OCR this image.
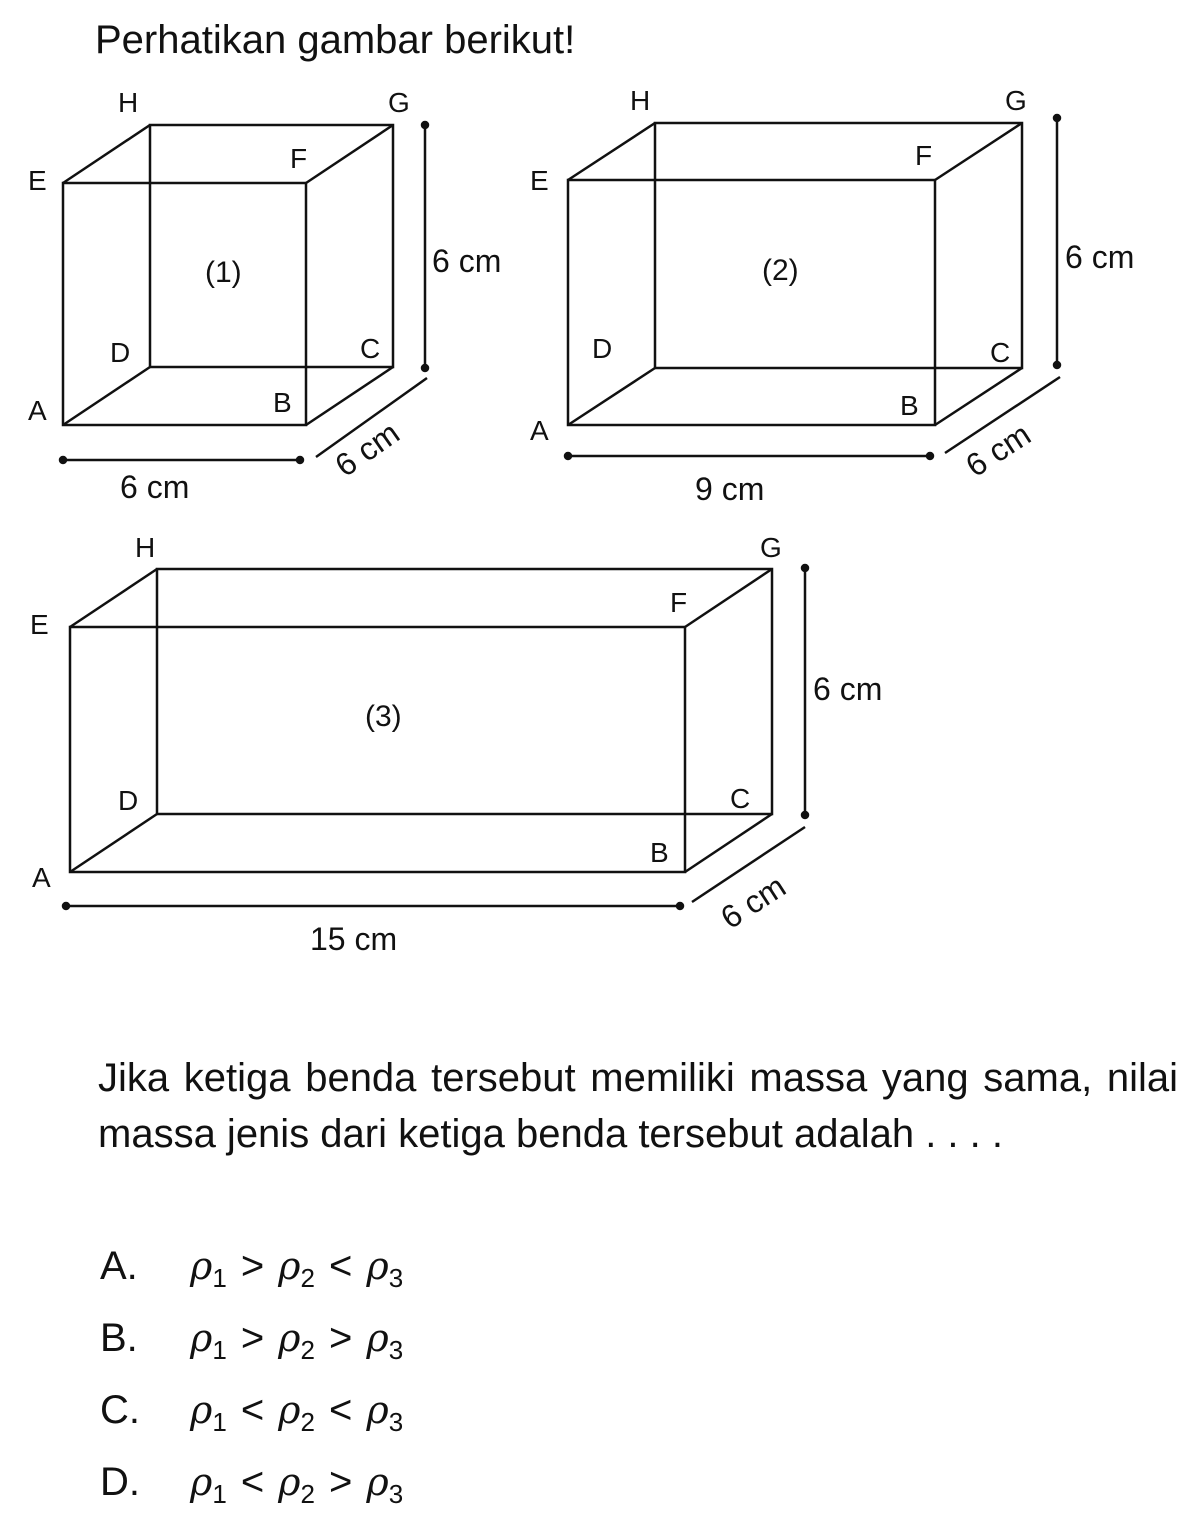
Perhatikan gambar berikut!
H	G
E
F
D	C
A	B
(1)	6 cm
6 cm
6 cm
H	G
E
F
D	C
A
B
(2)	6 cm
9 cm
6 cm
H	G
E
F
D	C
A
B
(3)
6 cm
15 cm
6 cm
Jika ketiga benda tersebut memiliki massa yang sama, nilai massa jenis dari ketiga benda tersebut adalah . . . .
A.	ρ 1 > ρ 2 < ρ 3
B.	ρ 1 > ρ 2 > ρ 3
C.	ρ 1 < ρ 2 < ρ 3
D.	ρ 1 < ρ 2 > ρ 3
